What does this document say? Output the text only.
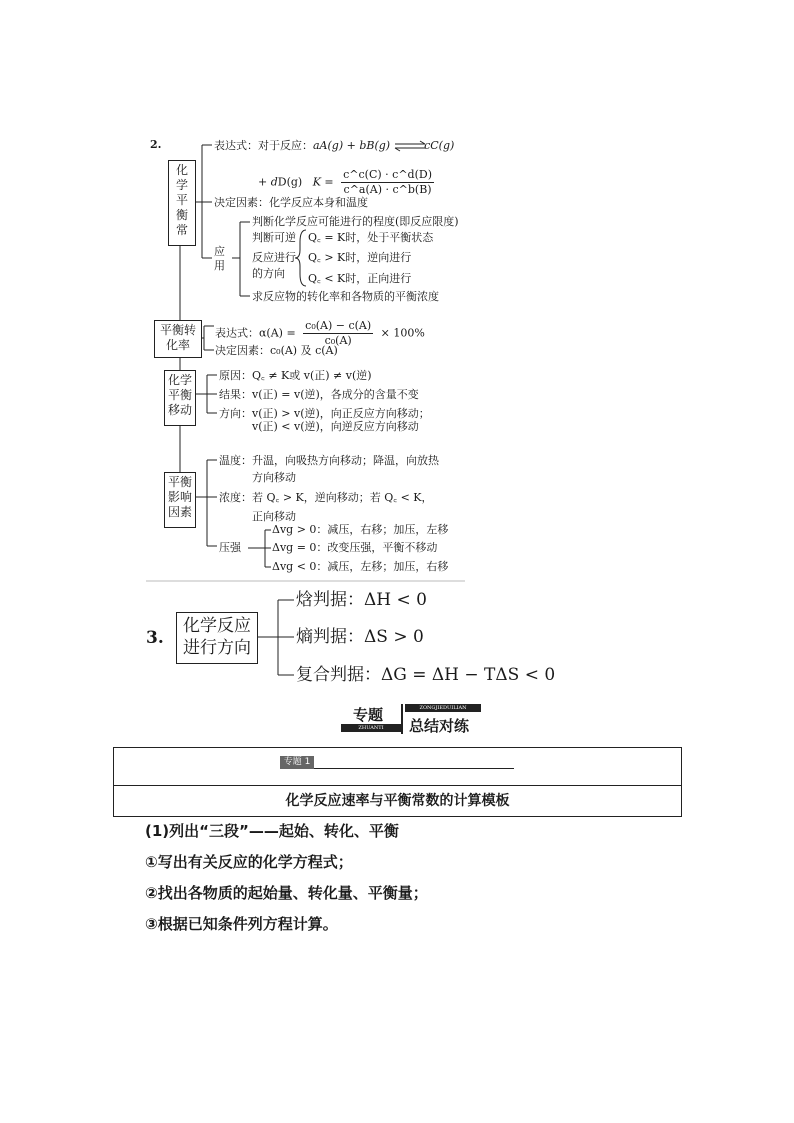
2.
化
学
平
衡
常
表达式：对于反应：aA(g) + bB(g)	cC(g)
+ dD(g)   $K = \frac{c\^{}c(C) \cdot c\^{}d(D)}{c\^{}a(A) \cdot c\^{}b(B)}$
决定因素：化学反应本身和温度
应
用
判断化学反应可能进行的程度(即反应限度)
判断可逆
反应进行
的方向
Q꜀ = K时，处于平衡状态
Q꜀ > K时，逆向进行
Q꜀ < K时，正向进行
求反应物的转化率和各物质的平衡浓度
平衡转
化率
表达式：$\alpha(A) = \frac{\text{c₀(A) − c(A)}}{\text{c₀(A)}} \times 100\%$
决定因素：c₀(A) 及 c(A)
化学
平衡
移动
原因：Q꜀ ≠ K或 v(正) ≠ v(逆)
结果：v(正) = v(逆)，各成分的含量不变
方向：v(正) > v(逆)，向正反应方向移动；
v(正) < v(逆)，向逆反应方向移动
平衡
影响
因素
温度：升温，向吸热方向移动；降温，向放热
方向移动
浓度：若 Q꜀ > K，逆向移动；若 Q꜀ < K，
正向移动
压强
Δvg > 0：减压，右移；加压，左移
Δvg = 0：改变压强，平衡不移动
Δvg < 0：减压，左移；加压，右移
3.
化学反应
进行方向
焓判据：ΔH < 0
熵判据：ΔS > 0
复合判据：ΔG = ΔH − TΔS < 0
专题
ZHUANTI
ZONGJIEDUILIAN
总结对练
专题 1
化学反应速率与平衡常数的计算模板
(1)列出“三段”——起始、转化、平衡
①写出有关反应的化学方程式；
②找出各物质的起始量、转化量、平衡量；
③根据已知条件列方程计算。
